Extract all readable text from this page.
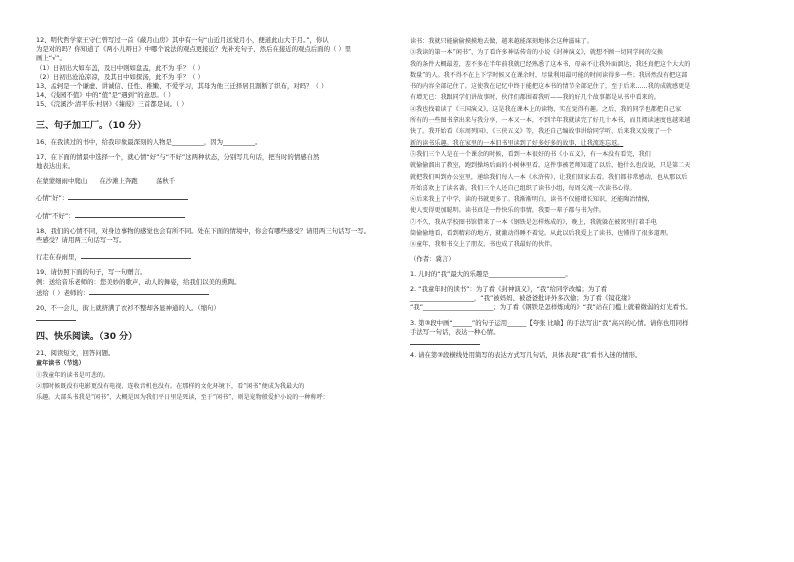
12、明代哲学家王守仁曾写过一首《蔽月山房》其中有一句“山近月远觉月小，便道此山大于月。”，你认
为是对的吗？你知道了《两小儿辩日》中哪个说法的观点更接近？先补充句子，然后在接近的观点后面的（ ）里
画上“√”。
（1）日初出大如车盖，及日中则如盘盂，此不为 乎？（ ）
（2）日初出沧沧凉凉，及其日中如探汤，此不为 乎？（ ）
13、孟轲是一个谦虚、讲诚信、任性、稚嫩、不爱学习，其母为他三迁择居且割断了织布，对吗？（ ）
14、《浅园不值》中的“值”是“遇到”的意思。（ ）
15、《浣溪沙·清平乐·村居》《蒹葭》三首都是词。（ ）
三、句子加工厂。（10 分）
16、在我读过的书中，给我印象最深刻的人物是__________，因为__________。
17、在下面的情景中选择一个，就心情“好”与“不好”这两种状态，分别写几句话，把当时的情感自然
地表达出来。
在蒙蒙细雨中爬山 在沙滩上奔跑	荡秋千
心情“好”：
心情“不好”：
18、我们的心情不同，对身边事物的感觉也会有所不同。处在下面的情境中，你会有哪些感受？请用两三句话写一写。
些感受？请用两三句话写一写。
行走在春雨里，
19、请仿照下面的句子，写一句赠言。
例：送给音乐老师的：您美妙的歌声，动人的舞姿，给我们以美的熏陶。
送给（ ）老师的：
20、不一会儿，街上就挤满了衣衫不整却各显神通的人。（缩句）
四、快乐阅读。（30 分）
21、阅读短文，回答问题。
童年读书（节选）
①我童年的读书是可悲的。
②那时候既没有电影更没有电视，连收音机也没有。在那样的文化环境下，看“闲书”便成为我最大的
乐趣。大部头书我是“闲书”，大概是因为我们平日里是死读，至于“闲书”，则是宠物般爱护小说的一种称呼：
读书：我就只能偷偷摸摸地去做，越来越能深刻地体会这种滋味了。
③我读的第一本“闲书”，为了看许多神话传奇的小说《封神演义》，就想不顾一切同学间的交换
我的条件大概最差，差不多在半年前我就已经熟悉了这本书，母亲不让我外面溜达，我还真把这个大大的
数量”的人。我不得不在上下学时候又在课余时，尽量利用最可能的时间读得多一些；我居然没有把这部
书的内容全部记住了。这使我在记忆中终于能把这本书的情节全部记住了，至于后来……我的成就感更是
有增无已：我跟同学们讲故事时，伙伴们都围着我听——我的好几个故事都是从书中看来的。
④我也找着读了《三国演义》，这是我在课本上的读物，实在觉得有趣。之后，我的同学也都把自己家
所有的一些图书拿出来与我分享，一本又一本，不到半年我就读完了好几十本书，而且阅读速度也越来越
快了。我开始看《东周列国》、《三侠五义》等，我还自己编故事讲给同学听，后来我又发现了一个
新的读书乐趣。我在家里的一本旧书里读到了好多好多的故事，让我流连忘返。
⑤我们三个人是在一个课余的时候，看到一本很好的书《小五义》，有一本没有看完，我们
就偷偷溜出了教室，跑到操场后面的小树林里看。这件事被老师知道了以后，他什么也没说，只是第二天
就把我们叫到办公室里，递给我们每人一本《水浒传》，让我们回家去看。我们都非常感动，也从那以后
开始喜欢上了读名著。我们三个人还自己组织了读书小组，每周交流一次读书心得。
⑥后来我上了中学，读的书就更多了。我渐渐明白，读书不仅能增长知识，还能陶冶情操，
使人变得更加聪明。读书真是一件快乐的事情，我要一辈子都与书为伴。
⑦不久，我从学校图书馆借来了一本《钢铁是怎样炼成的》，晚上，我就躲在被窝里打着手电
筒偷偷地看，看到精彩的地方，就激动得睡不着觉。从此以后我爱上了读书，也懂得了很多道理。
⑧童年，我和书交上了朋友，书也成了我最好的伙伴。
（作者：冀言）
1. 儿时的“我”最大的乐趣是________________________。
2. “我童年时的读书”：为了看《封神演义》，“我”给同学改编；为了看
____________________，“我”被妈妈、被爸爸批评外多次偷；为了看《镜花缘》
“我”______________________；为了看《钢铁是怎样炼成的》“我”站在门槛上就着微弱的灯光看书。
3. 第③段中画“______”的句子运用______【夸张 比喻】的手法写出“我”高兴的心情。请你也用同样
手法写一句话，表达一种心情。
4. 请在第③段横线处用简写的表达方式写几句话，具体表现“我”看书入迷的情形。
